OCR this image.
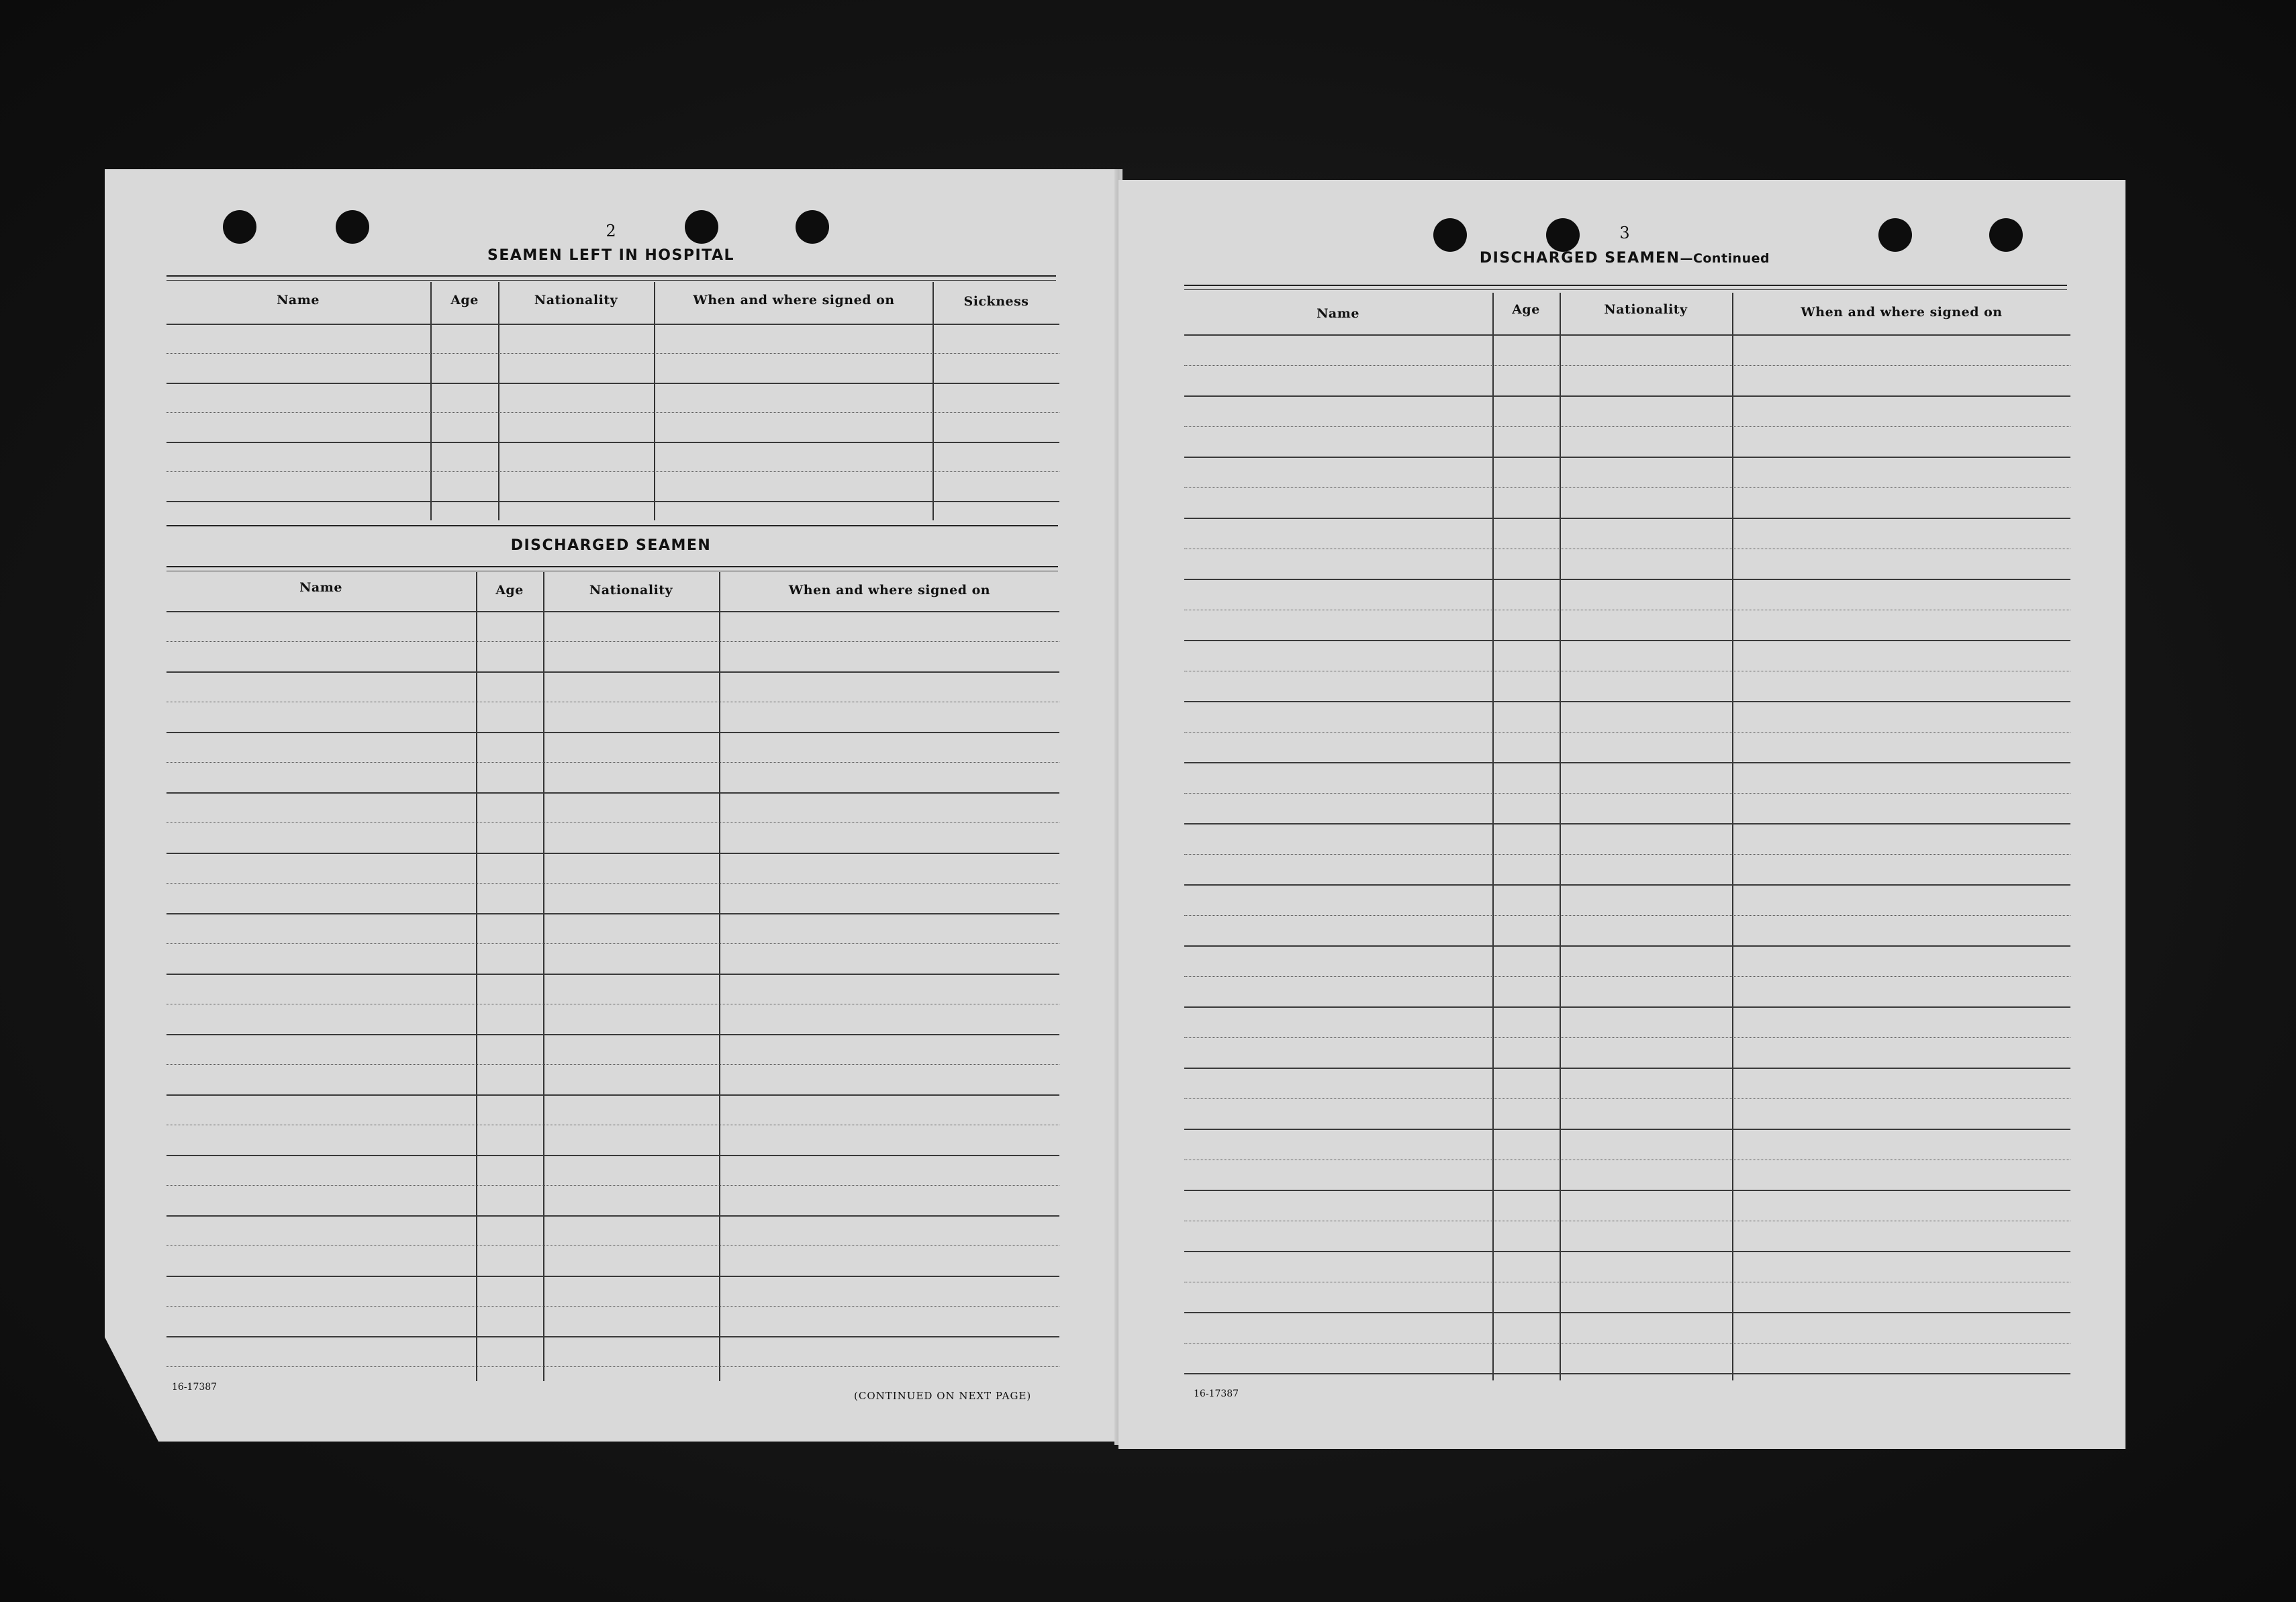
2
SEAMEN LEFT IN HOSPITAL
Name	Age	Nationality	When and where signed on	Sickness
DISCHARGED SEAMEN
Name	Age	Nationality	When and where signed on
16-17387
(CONTINUED ON NEXT PAGE)
3
DISCHARGED SEAMEN—Continued
Name	Age	Nationality	When and where signed on
16-17387
